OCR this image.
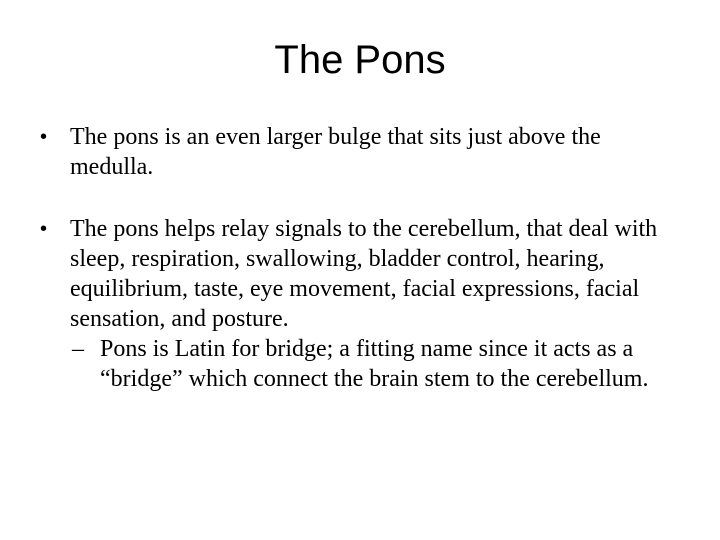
The Pons

• The pons is an even larger bulge that sits just above the medulla.

• The pons helps relay signals to the cerebellum, that deal with sleep, respiration, swallowing, bladder control, hearing, equilibrium, taste, eye movement, facial expressions, facial sensation, and posture.

– Pons is Latin for bridge; a fitting name since it acts as a “bridge” which connect the brain stem to the cerebellum.
